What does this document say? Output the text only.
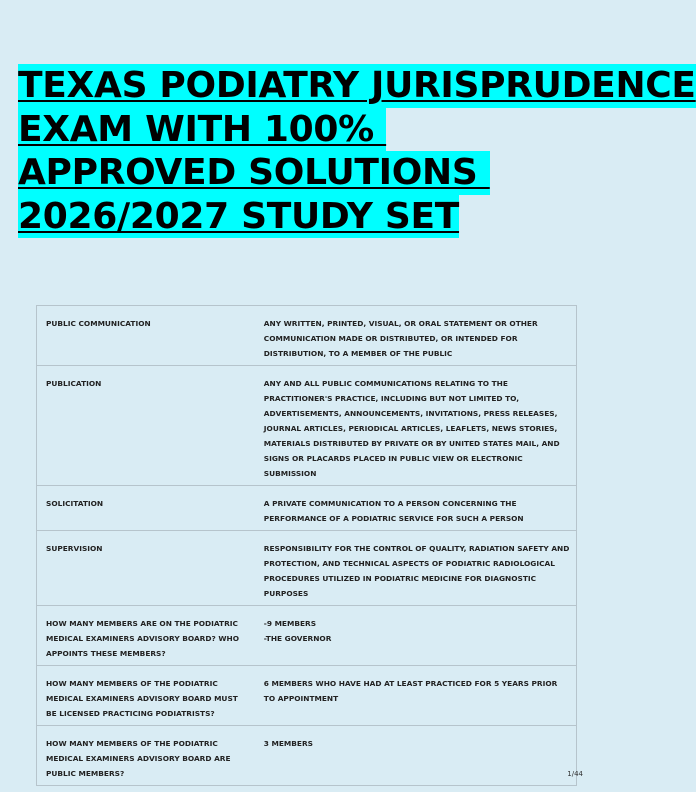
TEXAS PODIATRY JURISPRUDENCE
EXAM WITH 100%
APPROVED SOLUTIONS
2026/2027 STUDY SET
PUBLIC COMMUNICATION	ANY WRITTEN, PRINTED, VISUAL, OR ORAL STATEMENT OR OTHER COMMUNICATION MADE OR DISTRIBUTED, OR INTENDED FOR DISTRIBUTION, TO A MEMBER OF THE PUBLIC

PUBLICATION	ANY AND ALL PUBLIC COMMUNICATIONS RELATING TO THE PRACTITIONER'S PRACTICE, INCLUDING BUT NOT LIMITED TO, ADVERTISEMENTS, ANNOUNCEMENTS, INVITATIONS, PRESS RELEASES, JOURNAL ARTICLES, PERIODICAL ARTICLES, LEAFLETS, NEWS STORIES, MATERIALS DISTRIBUTED BY PRIVATE OR BY UNITED STATES MAIL, AND SIGNS OR PLACARDS PLACED IN PUBLIC VIEW OR ELECTRONIC SUBMISSION

SOLICITATION	A PRIVATE COMMUNICATION TO A PERSON CONCERNING THE PERFORMANCE OF A PODIATRIC SERVICE FOR SUCH A PERSON

SUPERVISION	RESPONSIBILITY FOR THE CONTROL OF QUALITY, RADIATION SAFETY AND PROTECTION, AND TECHNICAL ASPECTS OF PODIATRIC RADIOLOGICAL PROCEDURES UTILIZED IN PODIATRIC MEDICINE FOR DIAGNOSTIC PURPOSES

HOW MANY MEMBERS ARE ON THE PODIATRIC MEDICAL EXAMINERS ADVISORY BOARD? WHO APPOINTS THESE MEMBERS?	-9 MEMBERS
-THE GOVERNOR

HOW MANY MEMBERS OF THE PODIATRIC MEDICAL EXAMINERS ADVISORY BOARD MUST BE LICENSED PRACTICING PODIATRISTS?	6 MEMBERS WHO HAVE HAD AT LEAST PRACTICED FOR 5 YEARS PRIOR TO APPOINTMENT

HOW MANY MEMBERS OF THE PODIATRIC MEDICAL EXAMINERS ADVISORY BOARD ARE PUBLIC MEMBERS?	3 MEMBERS
1/44
